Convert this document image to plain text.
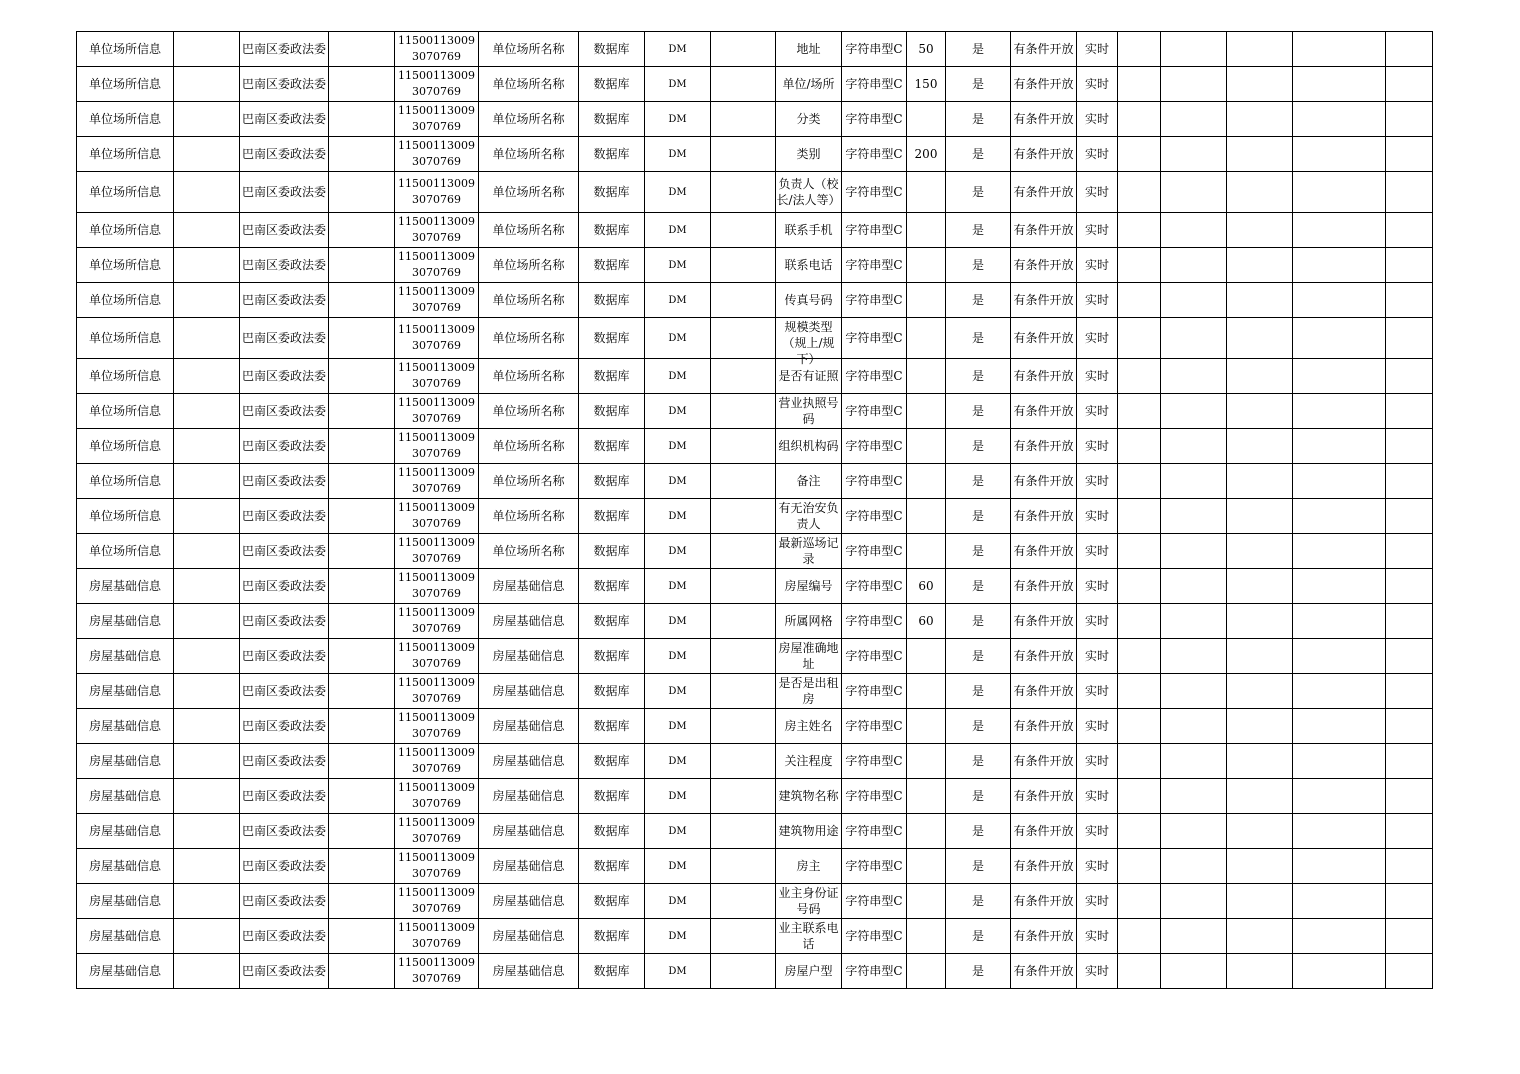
单位场所信息		巴南区委政法委		115001130093070769	单位场所名称	数据库	DM		地址	字符串型C	50	是	有条件开放	实时					
单位场所信息		巴南区委政法委		115001130093070769	单位场所名称	数据库	DM		单位/场所	字符串型C	150	是	有条件开放	实时					
单位场所信息		巴南区委政法委		115001130093070769	单位场所名称	数据库	DM		分类	字符串型C		是	有条件开放	实时					
单位场所信息		巴南区委政法委		115001130093070769	单位场所名称	数据库	DM		类别	字符串型C	200	是	有条件开放	实时					
单位场所信息		巴南区委政法委		115001130093070769	单位场所名称	数据库	DM		负责人（校长/法人等）	字符串型C		是	有条件开放	实时					
单位场所信息		巴南区委政法委		115001130093070769	单位场所名称	数据库	DM		联系手机	字符串型C		是	有条件开放	实时					
单位场所信息		巴南区委政法委		115001130093070769	单位场所名称	数据库	DM		联系电话	字符串型C		是	有条件开放	实时					
单位场所信息		巴南区委政法委		115001130093070769	单位场所名称	数据库	DM		传真号码	字符串型C		是	有条件开放	实时					
单位场所信息		巴南区委政法委		115001130093070769	单位场所名称	数据库	DM		规模类型（规上/规下）	字符串型C		是	有条件开放	实时					
单位场所信息		巴南区委政法委		115001130093070769	单位场所名称	数据库	DM		是否有证照	字符串型C		是	有条件开放	实时					
单位场所信息		巴南区委政法委		115001130093070769	单位场所名称	数据库	DM		营业执照号码	字符串型C		是	有条件开放	实时					
单位场所信息		巴南区委政法委		115001130093070769	单位场所名称	数据库	DM		组织机构码	字符串型C		是	有条件开放	实时					
单位场所信息		巴南区委政法委		115001130093070769	单位场所名称	数据库	DM		备注	字符串型C		是	有条件开放	实时					
单位场所信息		巴南区委政法委		115001130093070769	单位场所名称	数据库	DM		有无治安负责人	字符串型C		是	有条件开放	实时					
单位场所信息		巴南区委政法委		115001130093070769	单位场所名称	数据库	DM		最新巡场记录	字符串型C		是	有条件开放	实时					
房屋基础信息		巴南区委政法委		115001130093070769	房屋基础信息	数据库	DM		房屋编号	字符串型C	60	是	有条件开放	实时					
房屋基础信息		巴南区委政法委		115001130093070769	房屋基础信息	数据库	DM		所属网格	字符串型C	60	是	有条件开放	实时					
房屋基础信息		巴南区委政法委		115001130093070769	房屋基础信息	数据库	DM		房屋准确地址	字符串型C		是	有条件开放	实时					
房屋基础信息		巴南区委政法委		115001130093070769	房屋基础信息	数据库	DM		是否是出租房	字符串型C		是	有条件开放	实时					
房屋基础信息		巴南区委政法委		115001130093070769	房屋基础信息	数据库	DM		房主姓名	字符串型C		是	有条件开放	实时					
房屋基础信息		巴南区委政法委		115001130093070769	房屋基础信息	数据库	DM		关注程度	字符串型C		是	有条件开放	实时					
房屋基础信息		巴南区委政法委		115001130093070769	房屋基础信息	数据库	DM		建筑物名称	字符串型C		是	有条件开放	实时					
房屋基础信息		巴南区委政法委		115001130093070769	房屋基础信息	数据库	DM		建筑物用途	字符串型C		是	有条件开放	实时					
房屋基础信息		巴南区委政法委		115001130093070769	房屋基础信息	数据库	DM		房主	字符串型C		是	有条件开放	实时					
房屋基础信息		巴南区委政法委		115001130093070769	房屋基础信息	数据库	DM		业主身份证号码	字符串型C		是	有条件开放	实时					
房屋基础信息		巴南区委政法委		115001130093070769	房屋基础信息	数据库	DM		业主联系电话	字符串型C		是	有条件开放	实时					
房屋基础信息		巴南区委政法委		115001130093070769	房屋基础信息	数据库	DM		房屋户型	字符串型C		是	有条件开放	实时					
